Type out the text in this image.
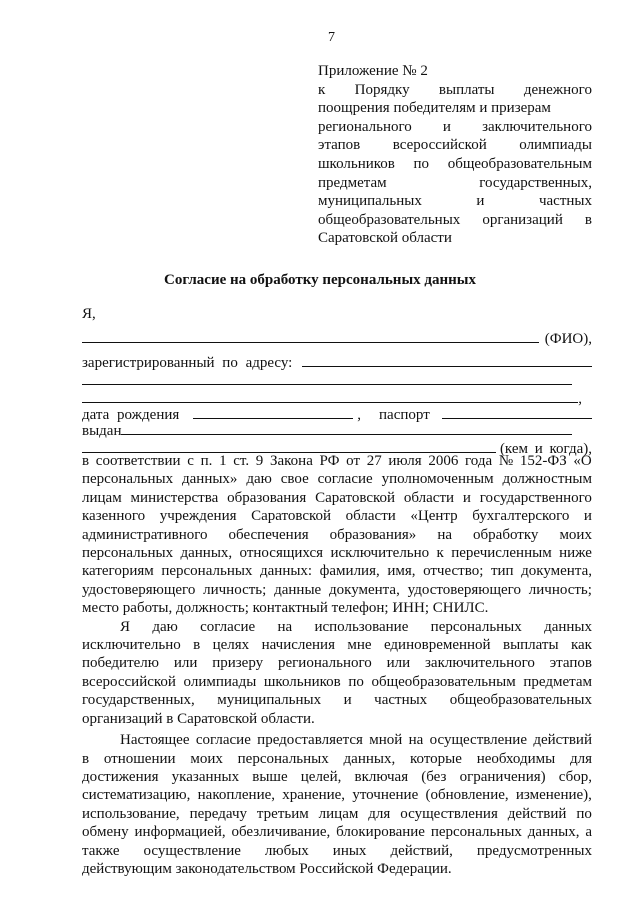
7
Приложение № 2
к Порядку выплаты денежного
поощрения победителям и призерам
регионального и заключительного
этапов всероссийской олимпиады
школьников по общеобразовательным
предметам	государственных,
муниципальных	и	частных
общеобразовательных организаций в
Саратовской области
Согласие на обработку персональных данных
Я,
(ФИО),
зарегистрированный по адресу:
,
дата рождения	, паспорт
выдан
(кем и когда),
в соответствии с п. 1 ст. 9 Закона РФ от 27 июля 2006 года № 152-ФЗ «О
персональных данных» даю свое согласие уполномоченным должностным
лицам министерства образования Саратовской области и государственного
казенного учреждения Саратовской области «Центр бухгалтерского и
административного обеспечения образования» на обработку моих
персональных данных, относящихся исключительно к перечисленным ниже
категориям персональных данных: фамилия, имя, отчество; тип документа,
удостоверяющего личность; данные документа, удостоверяющего личность;
место работы, должность; контактный телефон; ИНН; СНИЛС.
Я даю согласие на использование персональных данных
исключительно в целях начисления мне единовременной выплаты как
победителю или призеру регионального или заключительного этапов
всероссийской олимпиады школьников по общеобразовательным предметам
государственных, муниципальных и частных общеобразовательных
организаций в Саратовской области.
Настоящее согласие предоставляется мной на осуществление действий
в отношении моих персональных данных, которые необходимы для
достижения указанных выше целей, включая (без ограничения) сбор,
систематизацию, накопление, хранение, уточнение (обновление, изменение),
использование, передачу третьим лицам для осуществления действий по
обмену информацией, обезличивание, блокирование персональных данных, а
также осуществление любых иных действий, предусмотренных
действующим законодательством Российской Федерации.
